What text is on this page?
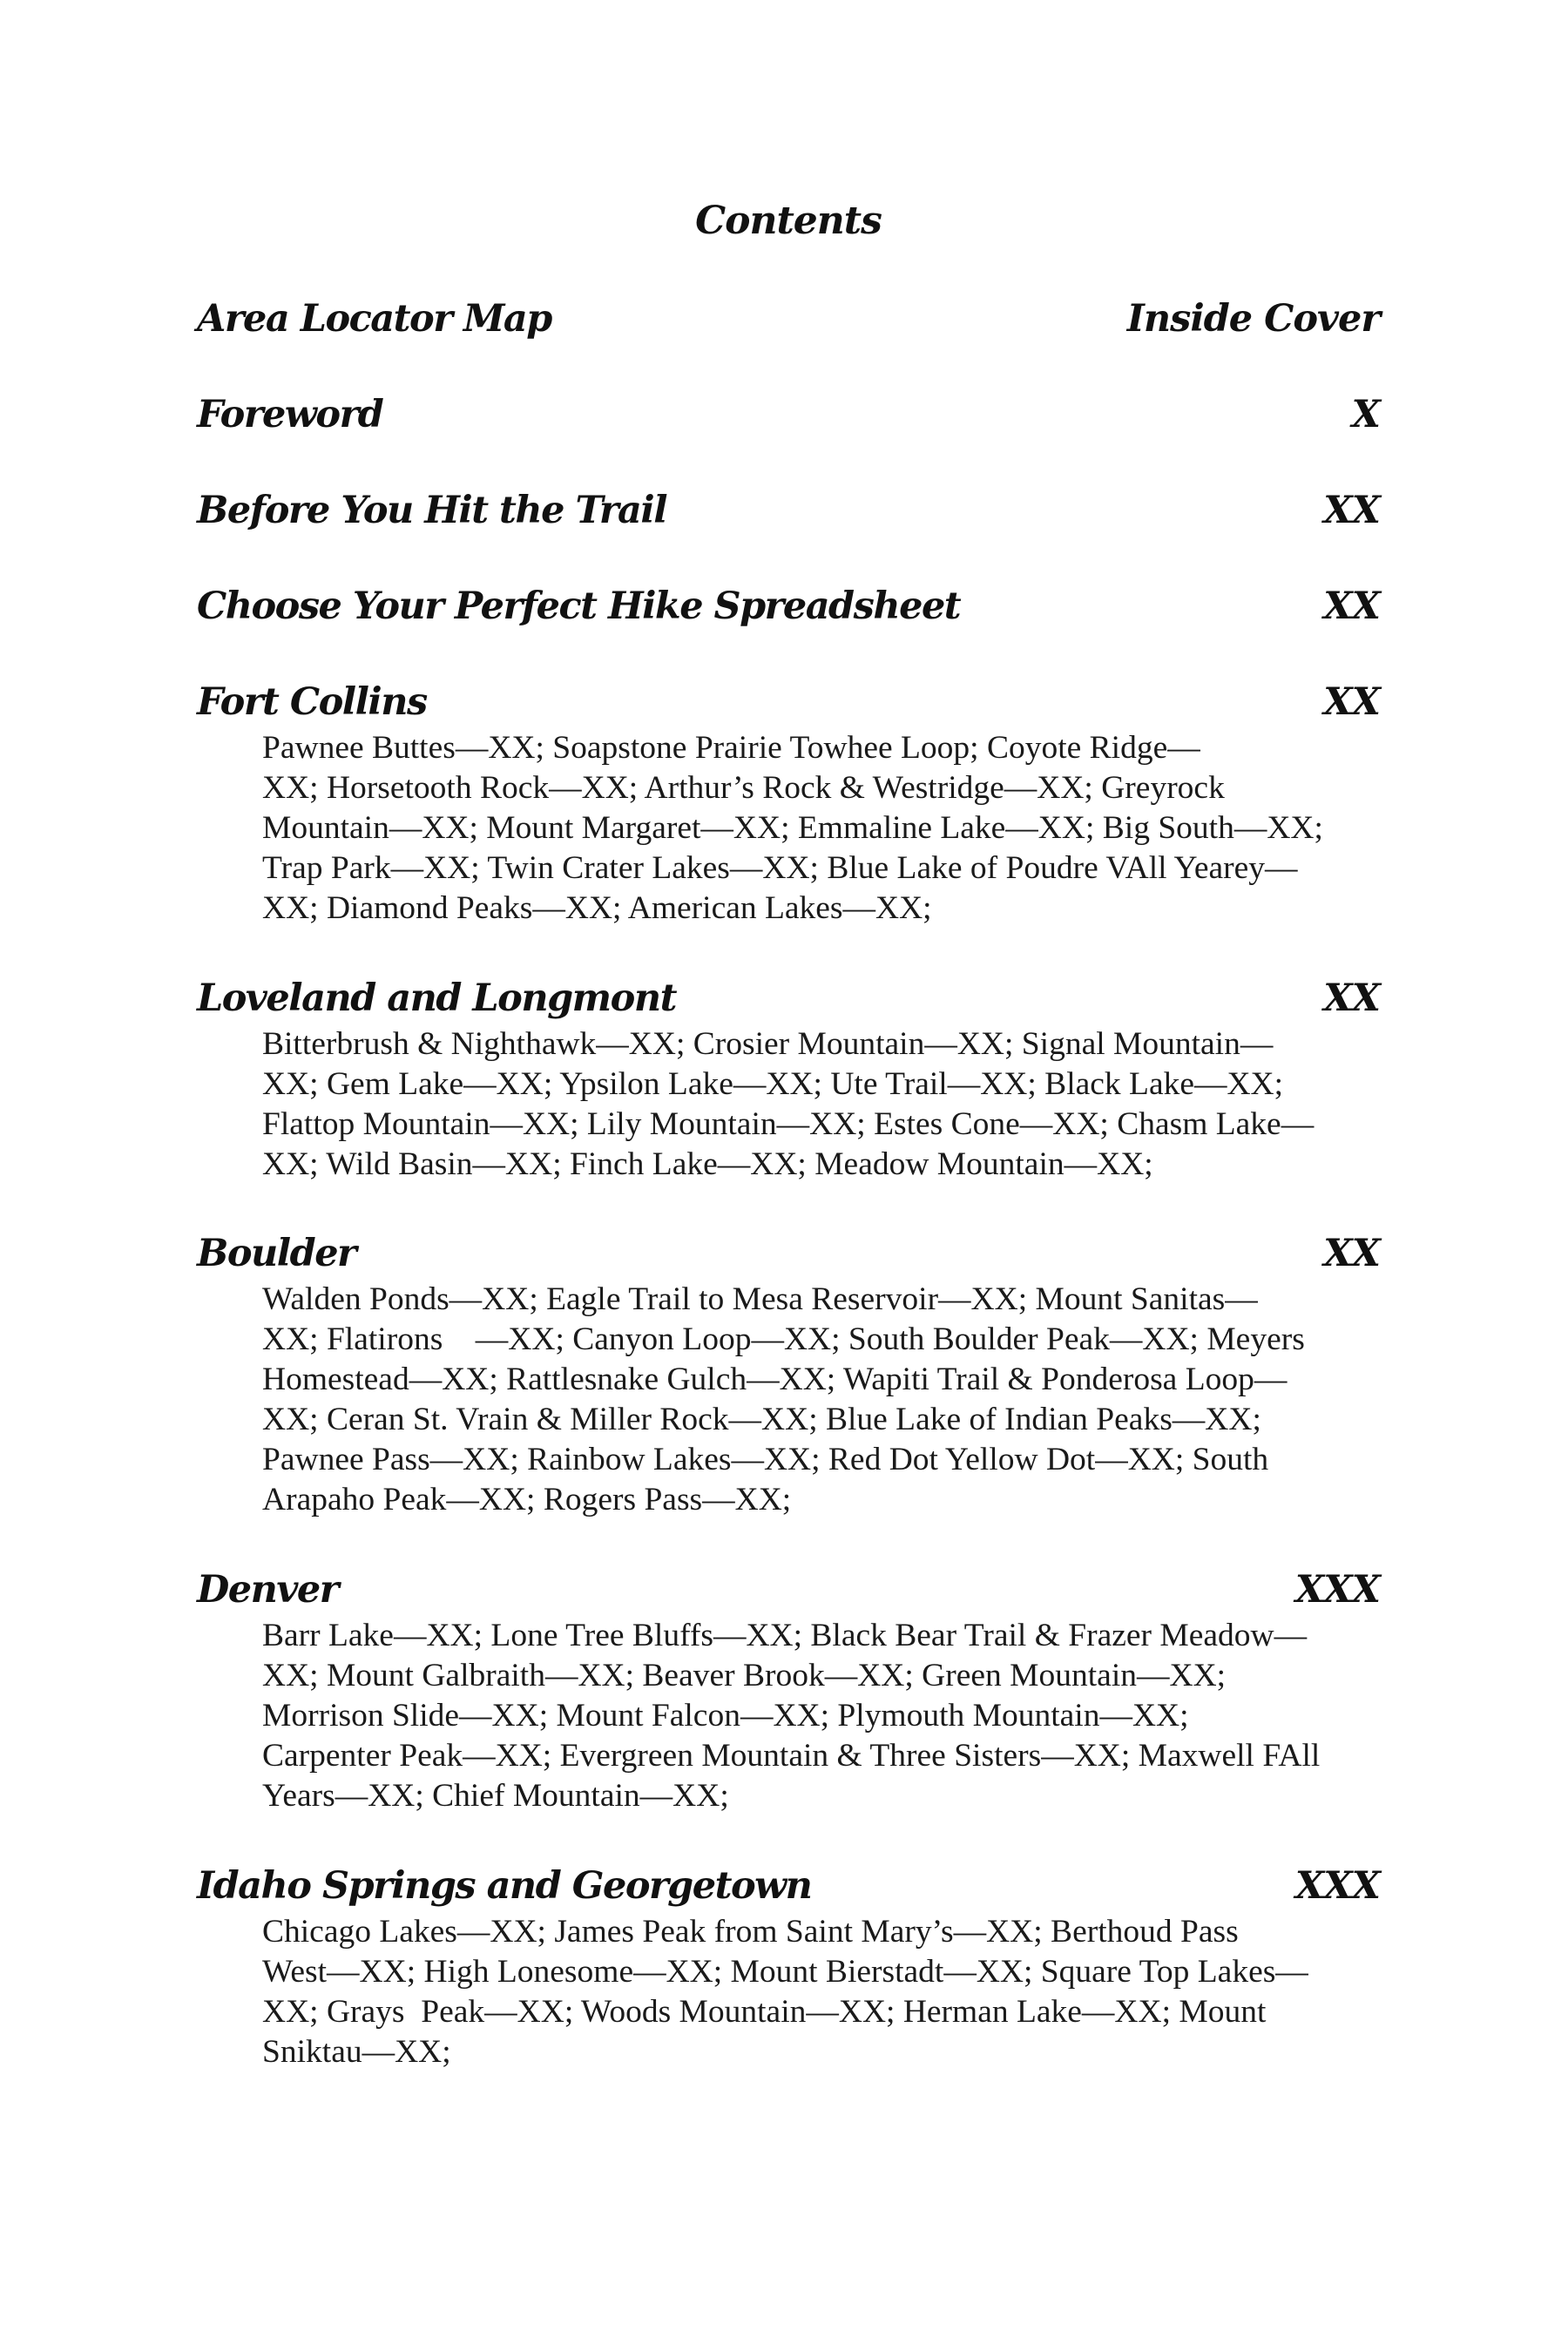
Contents
Area Locator Map	Inside Cover
Foreword	X
Before You Hit the Trail	XX
Choose Your Perfect Hike Spreadsheet	XX
Fort Collins	XX
Pawnee Buttes—XX; Soapstone Prairie Towhee Loop; Coyote Ridge—
XX; Horsetooth Rock—XX; Arthur’s Rock & Westridge—XX; Greyrock
Mountain—XX; Mount Margaret—XX; Emmaline Lake—XX; Big South—XX;
Trap Park—XX; Twin Crater Lakes—XX; Blue Lake of Poudre VAll Yearey—
XX; Diamond Peaks—XX; American Lakes—XX;
Loveland and Longmont	XX
Bitterbrush & Nighthawk—XX; Crosier Mountain—XX; Signal Mountain—
XX; Gem Lake—XX; Ypsilon Lake—XX; Ute Trail—XX; Black Lake—XX;
Flattop Mountain—XX; Lily Mountain—XX; Estes Cone—XX; Chasm Lake—
XX; Wild Basin—XX; Finch Lake—XX; Meadow Mountain—XX;
Boulder	XX
Walden Ponds—XX; Eagle Trail to Mesa Reservoir—XX; Mount Sanitas—
XX; Flatirons    —XX; Canyon Loop—XX; South Boulder Peak—XX; Meyers
Homestead—XX; Rattlesnake Gulch—XX; Wapiti Trail & Ponderosa Loop—
XX; Ceran St. Vrain & Miller Rock—XX; Blue Lake of Indian Peaks—XX;
Pawnee Pass—XX; Rainbow Lakes—XX; Red Dot Yellow Dot—XX; South
Arapaho Peak—XX; Rogers Pass—XX;
Denver	XXX
Barr Lake—XX; Lone Tree Bluffs—XX; Black Bear Trail & Frazer Meadow—
XX; Mount Galbraith—XX; Beaver Brook—XX; Green Mountain—XX;
Morrison Slide—XX; Mount Falcon—XX; Plymouth Mountain—XX;
Carpenter Peak—XX; Evergreen Mountain & Three Sisters—XX; Maxwell FAll
Years—XX; Chief Mountain—XX;
Idaho Springs and Georgetown	XXX
Chicago Lakes—XX; James Peak from Saint Mary’s—XX; Berthoud Pass
West—XX; High Lonesome—XX; Mount Bierstadt—XX; Square Top Lakes—
XX; Grays  Peak—XX; Woods Mountain—XX; Herman Lake—XX; Mount
Sniktau—XX;
